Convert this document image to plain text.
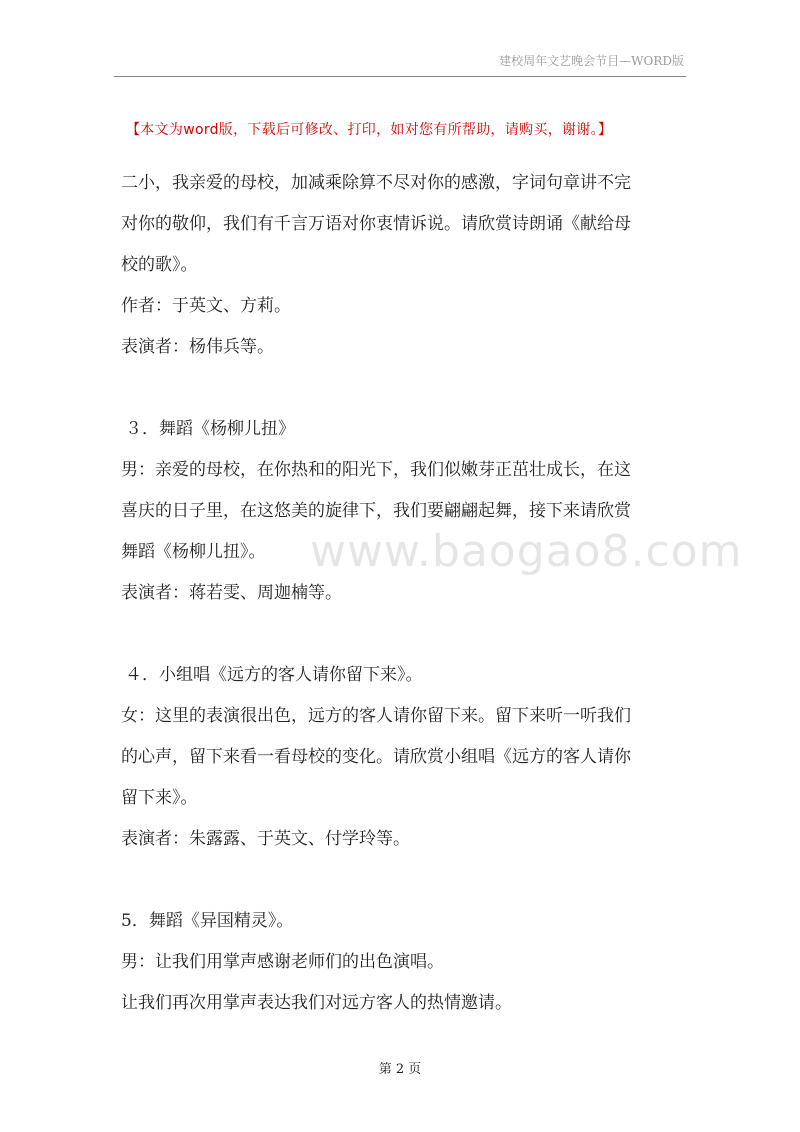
建校周年文艺晚会节目—WORD版
【本文为word版，下载后可修改、打印，如对您有所帮助，请购买，谢谢。】
www.baogao8.com
二小，我亲爱的母校，加减乘除算不尽对你的感激，字词句章讲不完
对你的敬仰，我们有千言万语对你衷情诉说。请欣赏诗朗诵《献给母
校的歌》。
作者：于英文、方莉。
表演者：杨伟兵等。
３．舞蹈《杨柳儿扭》
男：亲爱的母校，在你热和的阳光下，我们似嫩芽正茁壮成长，在这
喜庆的日子里，在这悠美的旋律下，我们要翩翩起舞，接下来请欣赏
舞蹈《杨柳儿扭》。
表演者：蒋若雯、周迦楠等。
４．小组唱《远方的客人请你留下来》。
女：这里的表演很出色，远方的客人请你留下来。留下来听一听我们
的心声，留下来看一看母校的变化。请欣赏小组唱《远方的客人请你
留下来》。
表演者：朱露露、于英文、付学玲等。
5．舞蹈《异国精灵》。
男：让我们用掌声感谢老师们的出色演唱。
让我们再次用掌声表达我们对远方客人的热情邀请。
第 2 页
